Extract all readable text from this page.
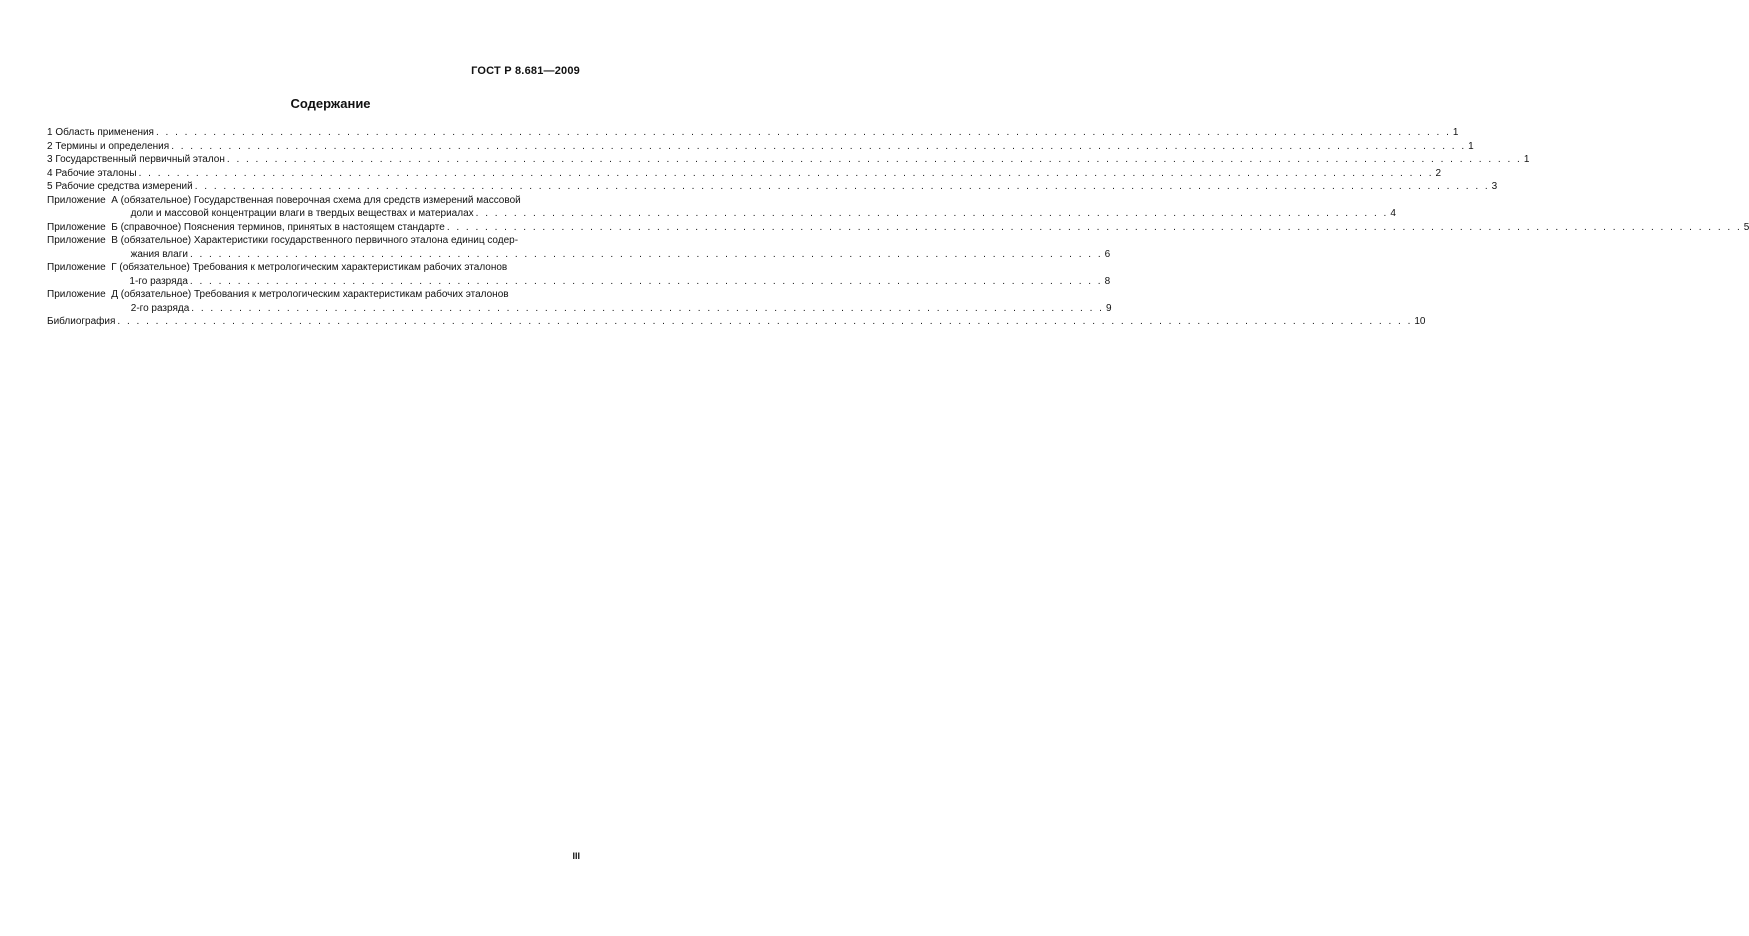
ГОСТ Р 8.681—2009

Содержание
1 Область применения . . .	1
2 Термины и определения . . .	1
3 Государственный первичный эталон . . .	1
4 Рабочие эталоны . . .	2
5 Рабочие средства измерений . . .	3
Приложение  А (обязательное) Государственная поверочная схема для средств измерений массовой
доли и массовой концентрации влаги в твердых веществах и материалах . . .	4
Приложение  Б (справочное) Пояснения терминов, принятых в настоящем стандарте . . .	5
Приложение  В (обязательное) Характеристики государственного первичного эталона единиц содер-
жания влаги . . .	6
Приложение  Г (обязательное) Требования к метрологическим характеристикам рабочих эталонов
1-го разряда . . .	8
Приложение  Д (обязательное) Требования к метрологическим характеристикам рабочих эталонов
2-го разряда . . .	9
Библиография . . .	10

III
